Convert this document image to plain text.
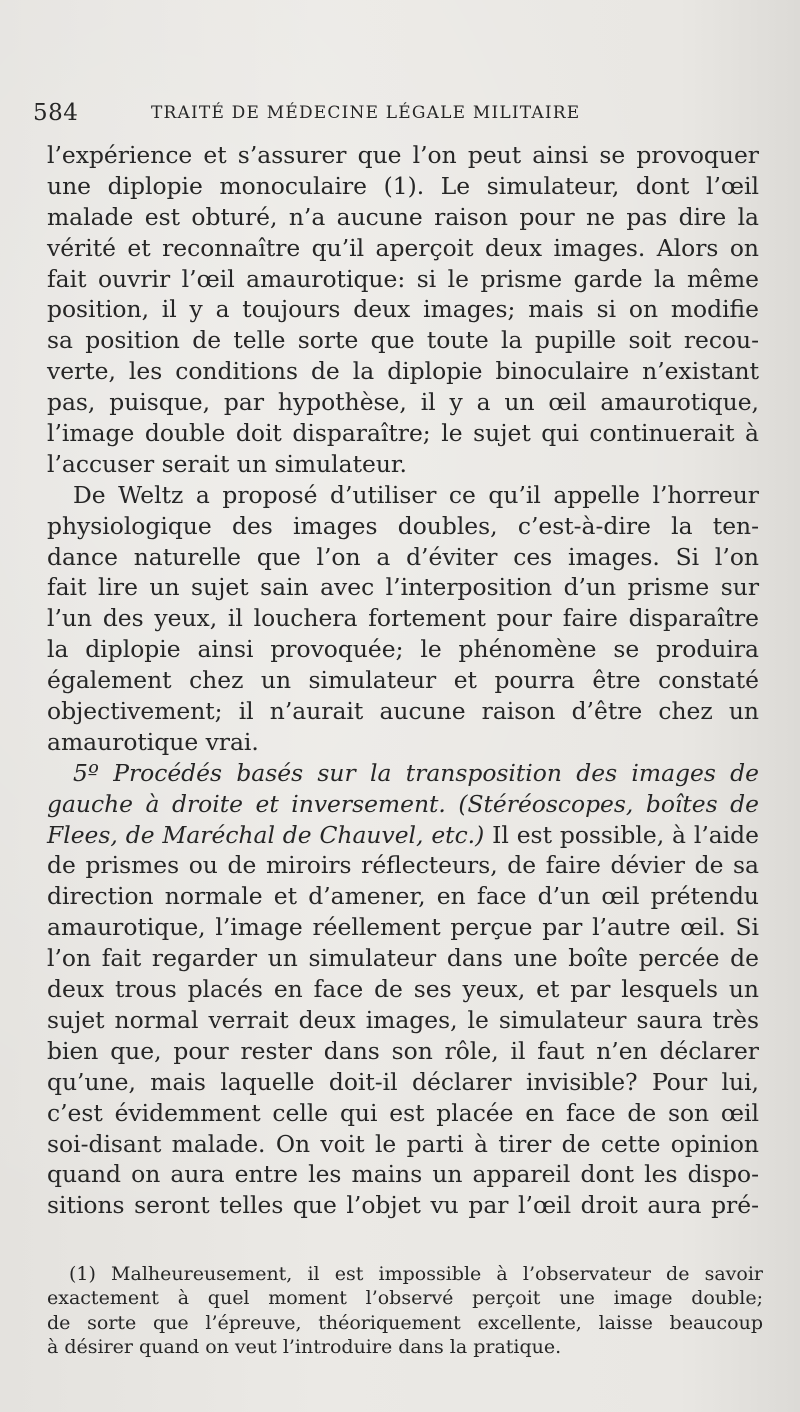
584	TRAITÉ DE MÉDECINE LÉGALE MILITAIRE
l’expérience et s’assurer que l’on peut ainsi se provoquer
une diplopie monoculaire (1). Le simulateur, dont l’œil
malade est obturé, n’a aucune raison pour ne pas dire la
vérité et reconnaître qu’il aperçoit deux images. Alors on
fait ouvrir l’œil amaurotique: si le prisme garde la même
position, il y a toujours deux images; mais si on modifie
sa position de telle sorte que toute la pupille soit recou-
verte, les conditions de la diplopie binoculaire n’existant
pas, puisque, par hypothèse, il y a un œil amaurotique,
l’image double doit disparaître; le sujet qui continuerait à
l’accuser serait un simulateur.
De Weltz a proposé d’utiliser ce qu’il appelle l’horreur
physiologique des images doubles, c’est-à-dire la ten-
dance naturelle que l’on a d’éviter ces images. Si l’on
fait lire un sujet sain avec l’interposition d’un prisme sur
l’un des yeux, il louchera fortement pour faire disparaître
la diplopie ainsi provoquée; le phénomène se produira
également chez un simulateur et pourra être constaté
objectivement; il n’aurait aucune raison d’être chez un
amaurotique vrai.
5º Procédés basés sur la transposition des images de
gauche à droite et inversement. (Stéréoscopes, boîtes de
Flees, de Maréchal de Chauvel, etc.) Il est possible, à l’aide
de prismes ou de miroirs réflecteurs, de faire dévier de sa
direction normale et d’amener, en face d’un œil prétendu
amaurotique, l’image réellement perçue par l’autre œil. Si
l’on fait regarder un simulateur dans une boîte percée de
deux trous placés en face de ses yeux, et par lesquels un
sujet normal verrait deux images, le simulateur saura très
bien que, pour rester dans son rôle, il faut n’en déclarer
qu’une, mais laquelle doit-il déclarer invisible? Pour lui,
c’est évidemment celle qui est placée en face de son œil
soi-disant malade. On voit le parti à tirer de cette opinion
quand on aura entre les mains un appareil dont les dispo-
sitions seront telles que l’objet vu par l’œil droit aura pré-
(1) Malheureusement, il est impossible à l’observateur de savoir
exactement à quel moment l’observé perçoit une image double;
de sorte que l’épreuve, théoriquement excellente, laisse beaucoup
à désirer quand on veut l’introduire dans la pratique.
